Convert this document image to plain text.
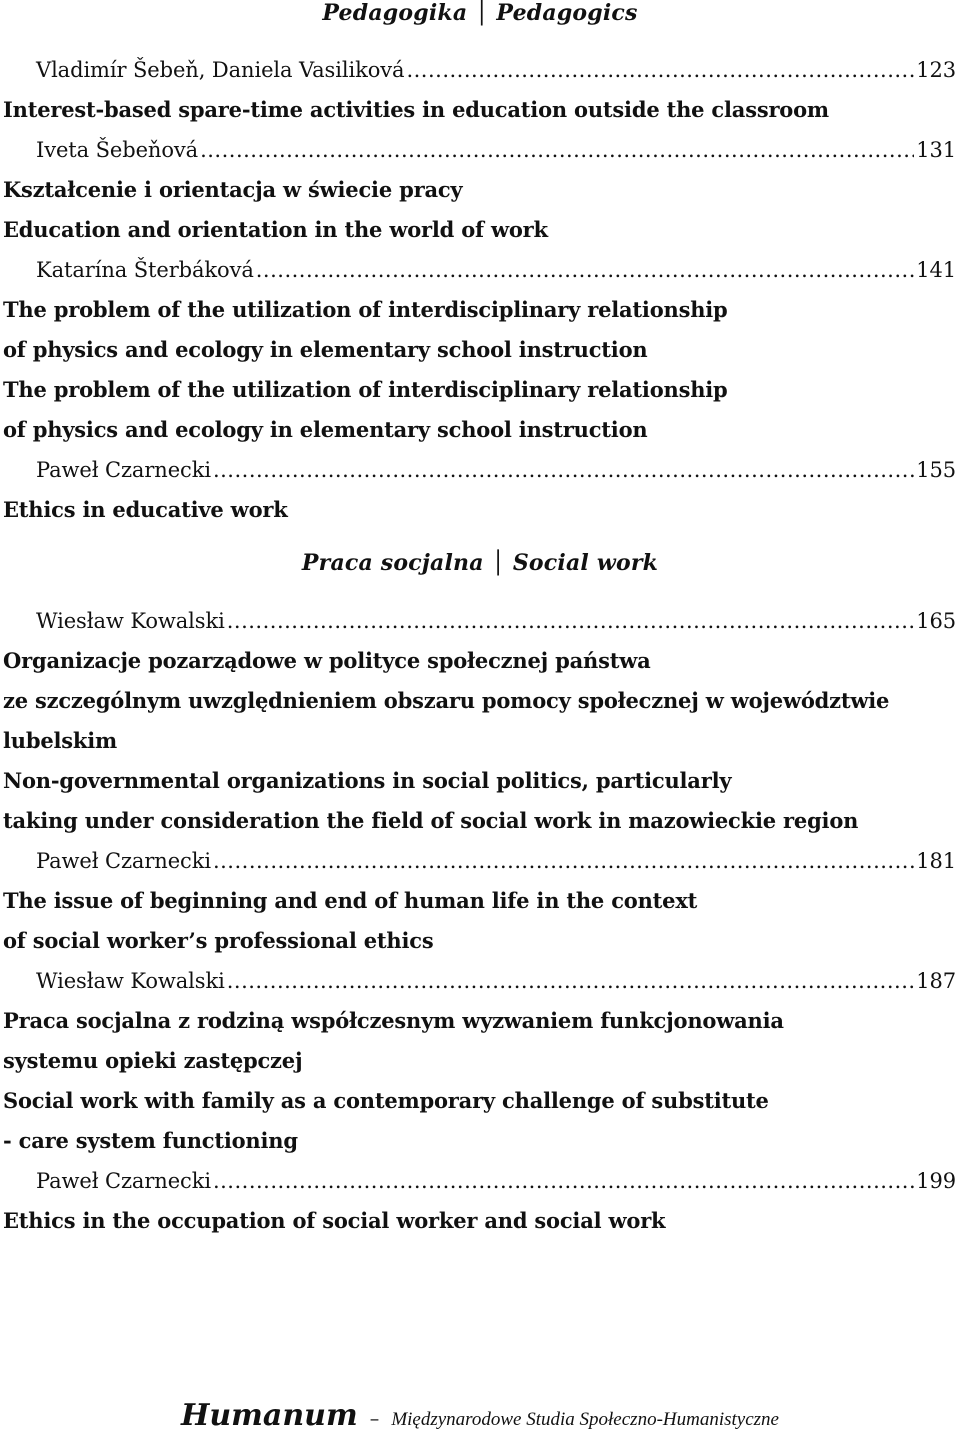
Pedagogika │ Pedagogics
Vladimír Šebeň, Daniela Vasiliková .....	123
Interest-based spare-time activities in education outside the classroom
Iveta Šebeňová .....	131
Kształcenie i orientacja w świecie pracy
Education and orientation in the world of work
Katarína Šterbáková .....	141
The problem of the utilization of interdisciplinary relationship
of physics and ecology in elementary school instruction
The problem of the utilization of interdisciplinary relationship
of physics and ecology in elementary school instruction
Paweł Czarnecki .....	155
Ethics in educative work
Praca socjalna │ Social work
Wiesław Kowalski .....	165
Organizacje pozarządowe w polityce społecznej państwa
ze szczególnym uwzględnieniem obszaru pomocy społecznej w województwie
lubelskim
Non-governmental organizations in social politics, particularly
taking under consideration the field of social work in mazowieckie region
Paweł Czarnecki .....	181
The issue of beginning and end of human life in the context
of social worker’s professional ethics
Wiesław Kowalski .....	187
Praca socjalna z rodziną współczesnym wyzwaniem funkcjonowania
systemu opieki zastępczej
Social work with family as a contemporary challenge of substitute
- care system functioning
Paweł Czarnecki .....	199
Ethics in the occupation of social worker and social work
Humanum – Międzynarodowe Studia Społeczno-Humanistyczne
